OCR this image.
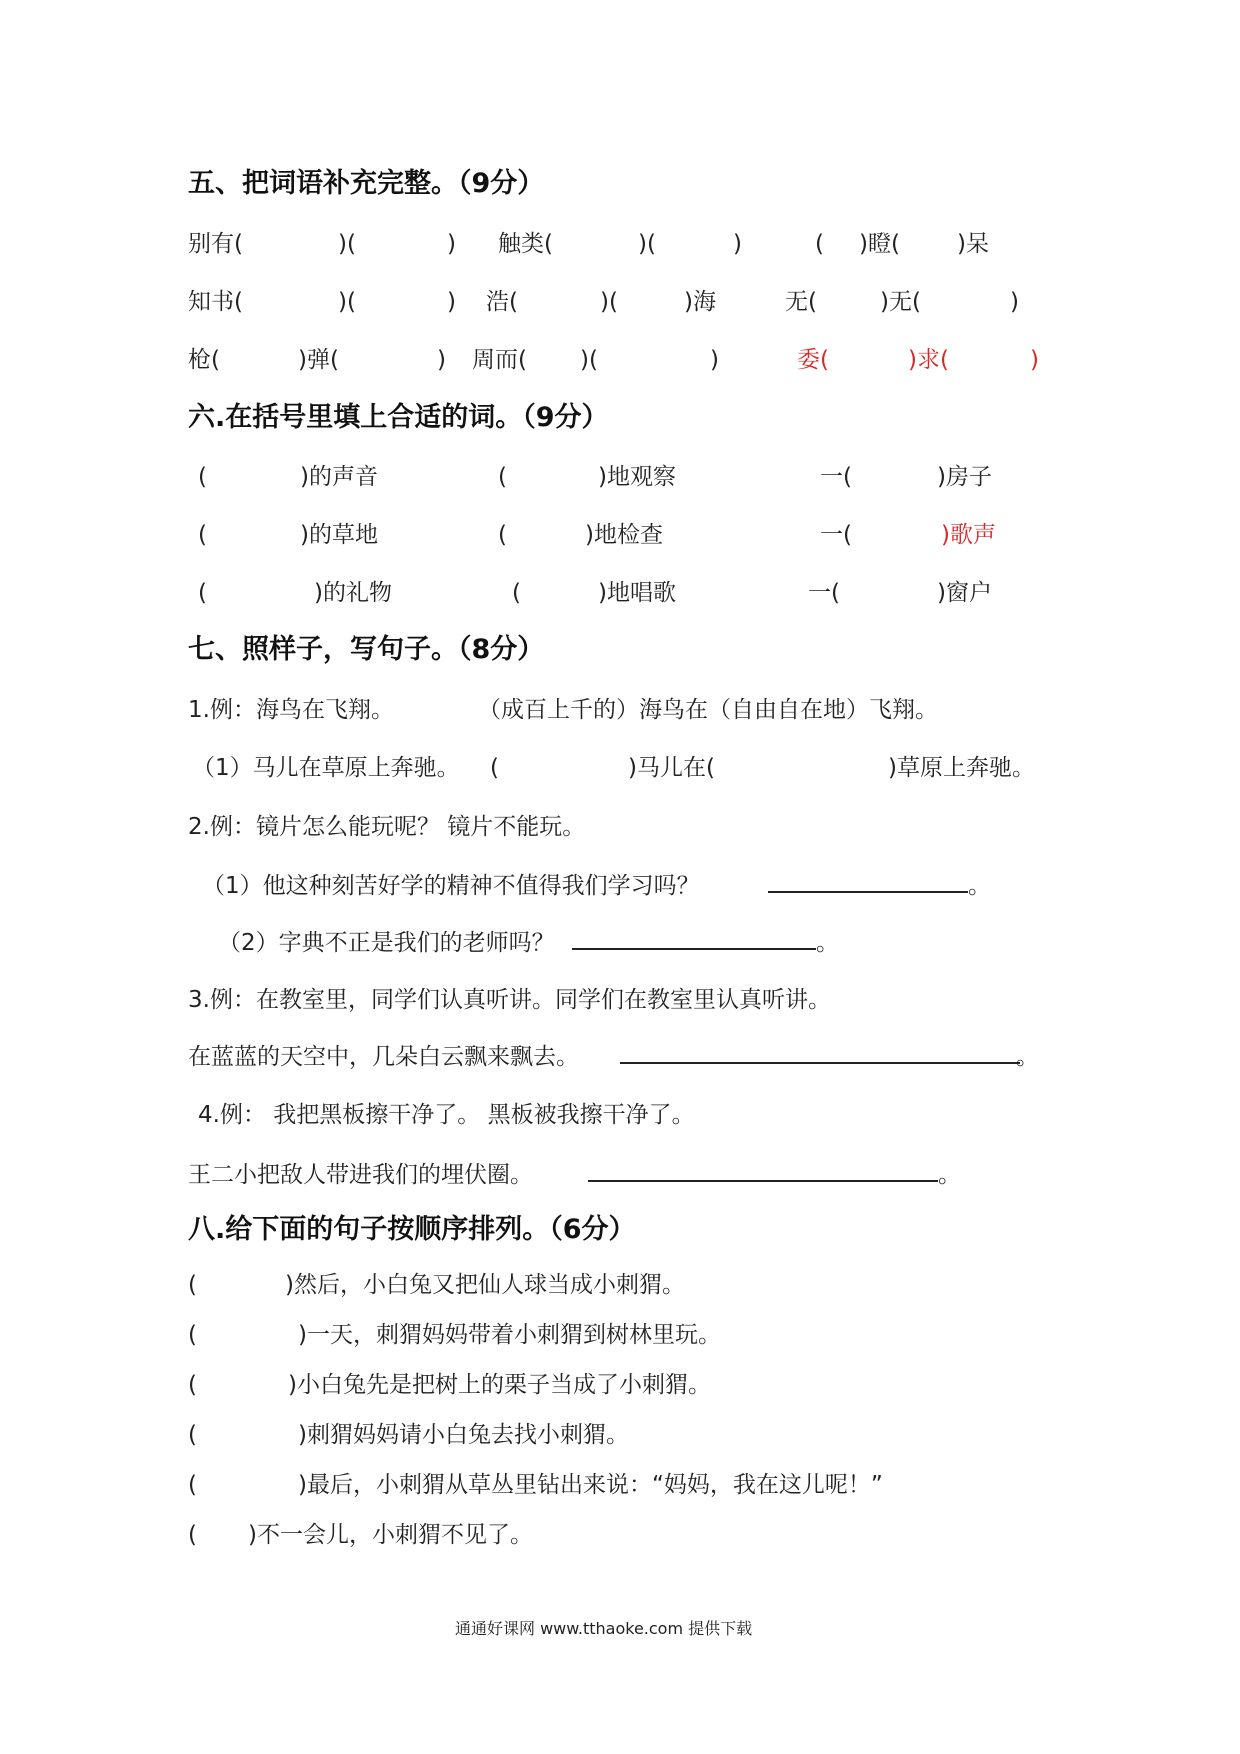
五、把词语补充完整。（9分）
别有(	)(	) 触类(	)(	)	( )瞪( )呆
知书(	)(	) 浩(	)(	)海	无(	)无(	)
枪(	)弹(	) 周而( )(	)	委(	)求(	)
六.在括号里填上合适的词。（9分）
(	)的声音	(	)地观察	一(	)房子
(	)的草地	(	)地检查	一(	)歌声
(	)的礼物	(	)地唱歌	一(	)窗户
七、照样子，写句子。（8分）
1.例：海鸟在飞翔。	（成百上千的）海鸟在（自由自在地）飞翔。
（1）马儿在草原上奔驰。 (	)马儿在(	)草原上奔驰。
2.例：镜片怎么能玩呢？ 镜片不能玩。
（1）他这种刻苦好学的精神不值得我们学习吗？	。
（2）字典不正是我们的老师吗？	。
3.例：在教室里，同学们认真听讲。同学们在教室里认真听讲。
在蓝蓝的天空中，几朵白云飘来飘去。	。
4.例： 我把黑板擦干净了。 黑板被我擦干净了。
王二小把敌人带进我们的埋伏圈。	。
八.给下面的句子按顺序排列。（6分）
(	)然后，小白兔又把仙人球当成小刺猬。
(	)一天，刺猬妈妈带着小刺猬到树林里玩。
(	)小白兔先是把树上的栗子当成了小刺猬。
(	)刺猬妈妈请小白兔去找小刺猬。
(	)最后，小刺猬从草丛里钻出来说：“妈妈，我在这儿呢！”
( )不一会儿，小刺猬不见了。
通通好课网 www.tthaoke.com 提供下载
